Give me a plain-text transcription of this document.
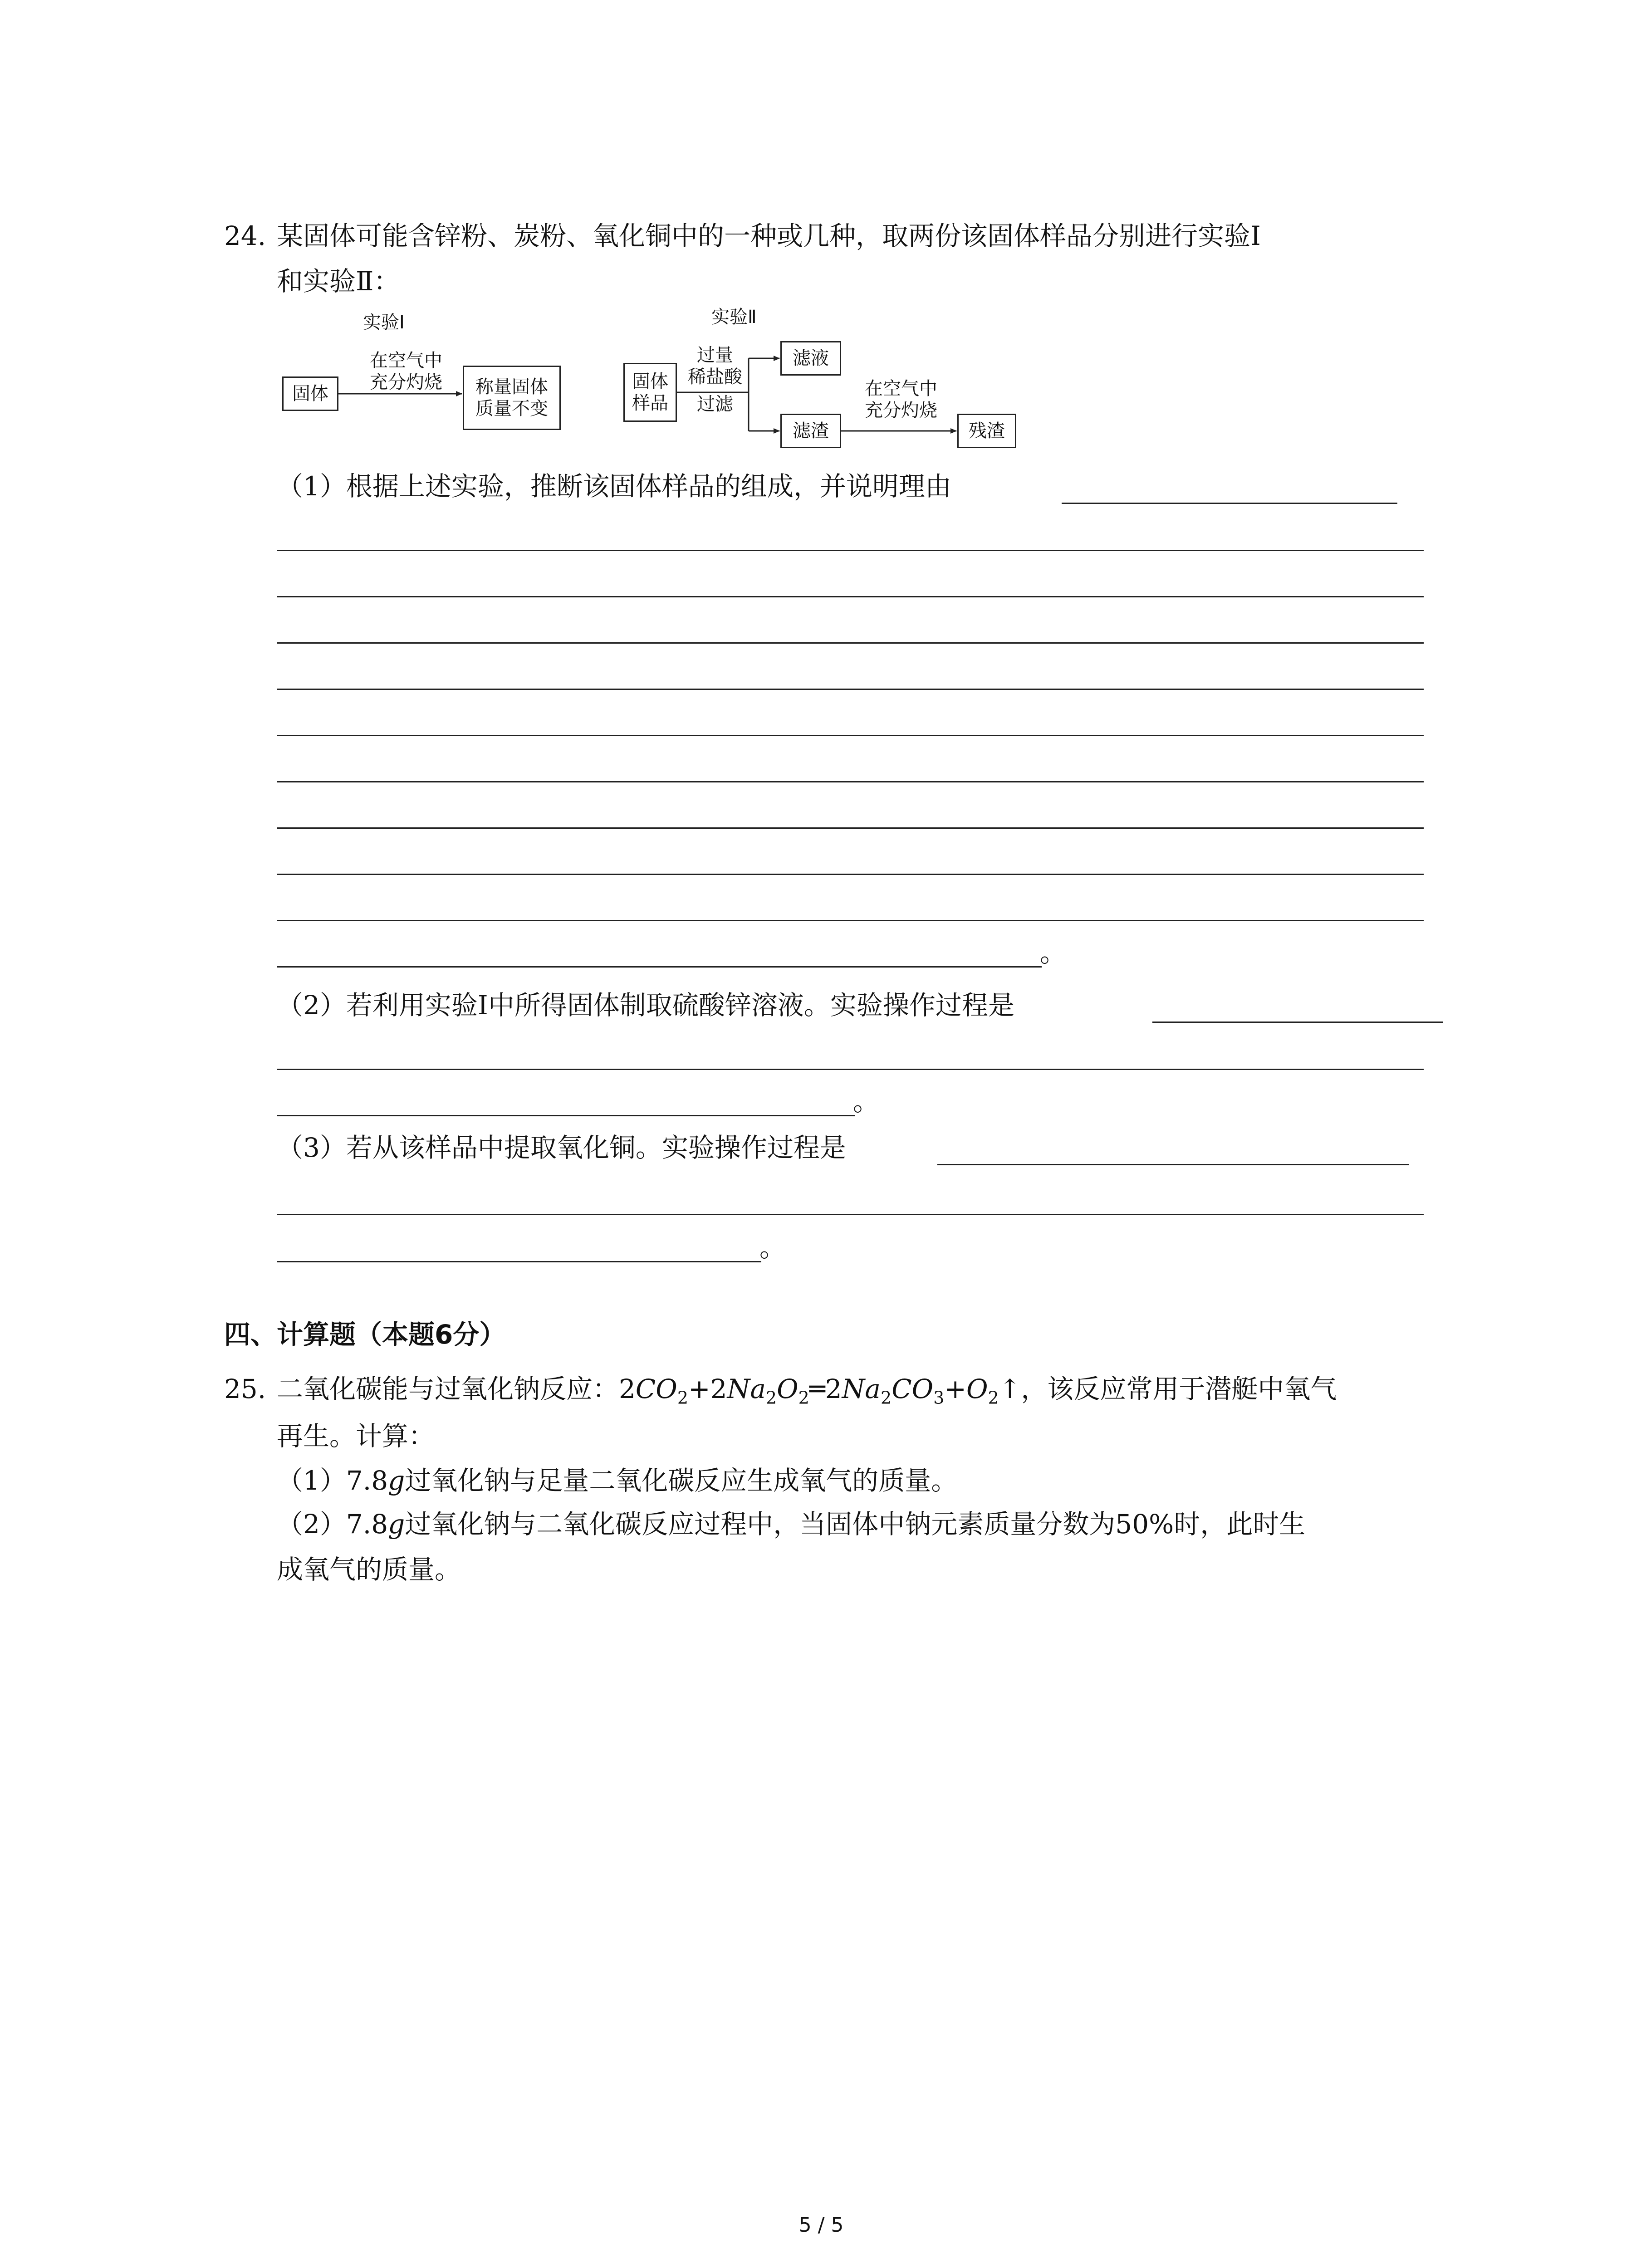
24. 某固体可能含锌粉、炭粉、氧化铜中的一种或几种，取两份该固体样品分别进行实验Ⅰ
和实验Ⅱ：
实验Ⅰ
固体
在空气中
充分灼烧	称量固体
质量不变
实验Ⅱ
固体
样品
过量
稀盐酸
过滤
滤液
滤渣
在空气中
充分灼烧
残渣
（1）根据上述实验，推断该固体样品的组成，并说明理由
。
（2）若利用实验Ⅰ中所得固体制取硫酸锌溶液。实验操作过程是
。
（3）若从该样品中提取氧化铜。实验操作过程是
。
四、计算题（本题6分）
25. 二氧化碳能与过氧化钠反应：$2CO_2+2Na_2O_2═2Na_2CO_3+O_2↑$，该反应常用于潜艇中氧气
再生。计算：
（1）7.8g过氧化钠与足量二氧化碳反应生成氧气的质量。
（2）7.8g过氧化钠与二氧化碳反应过程中，当固体中钠元素质量分数为50%时，此时生
成氧气的质量。
5 / 5
